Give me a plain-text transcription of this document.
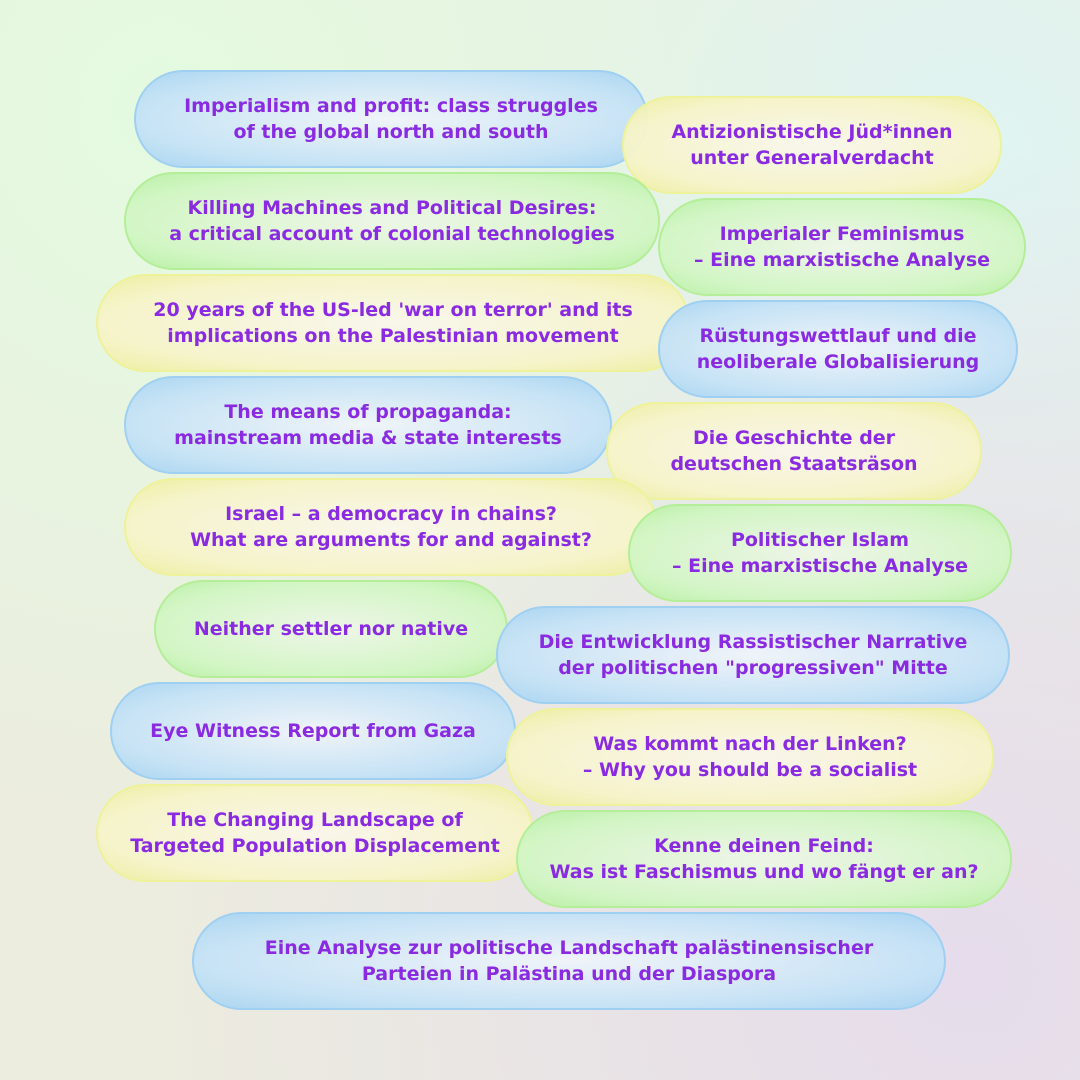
Imperialism and profit: class struggles
of the global north and south	Antizionistische Jüd*innen
unter Generalverdacht
Killing Machines and Political Desires:
a critical account of colonial technologies	Imperialer Feminismus
– Eine marxistische Analyse
20 years of the US-led 'war on terror' and its
implications on the Palestinian movement	Rüstungswettlauf und die
neoliberale Globalisierung
The means of propaganda:
mainstream media & state interests	Die Geschichte der
deutschen Staatsräson
Israel – a democracy in chains?
What are arguments for and against?	Politischer Islam
– Eine marxistische Analyse
Neither settler nor native
Die Entwicklung Rassistischer Narrative
der politischen "progressiven" Mitte
Eye Witness Report from Gaza
Was kommt nach der Linken?
– Why you should be a socialist
The Changing Landscape of
Targeted Population Displacement	Kenne deinen Feind:
Was ist Faschismus und wo fängt er an?
Eine Analyse zur politische Landschaft palästinensischer
Parteien in Palästina und der Diaspora
